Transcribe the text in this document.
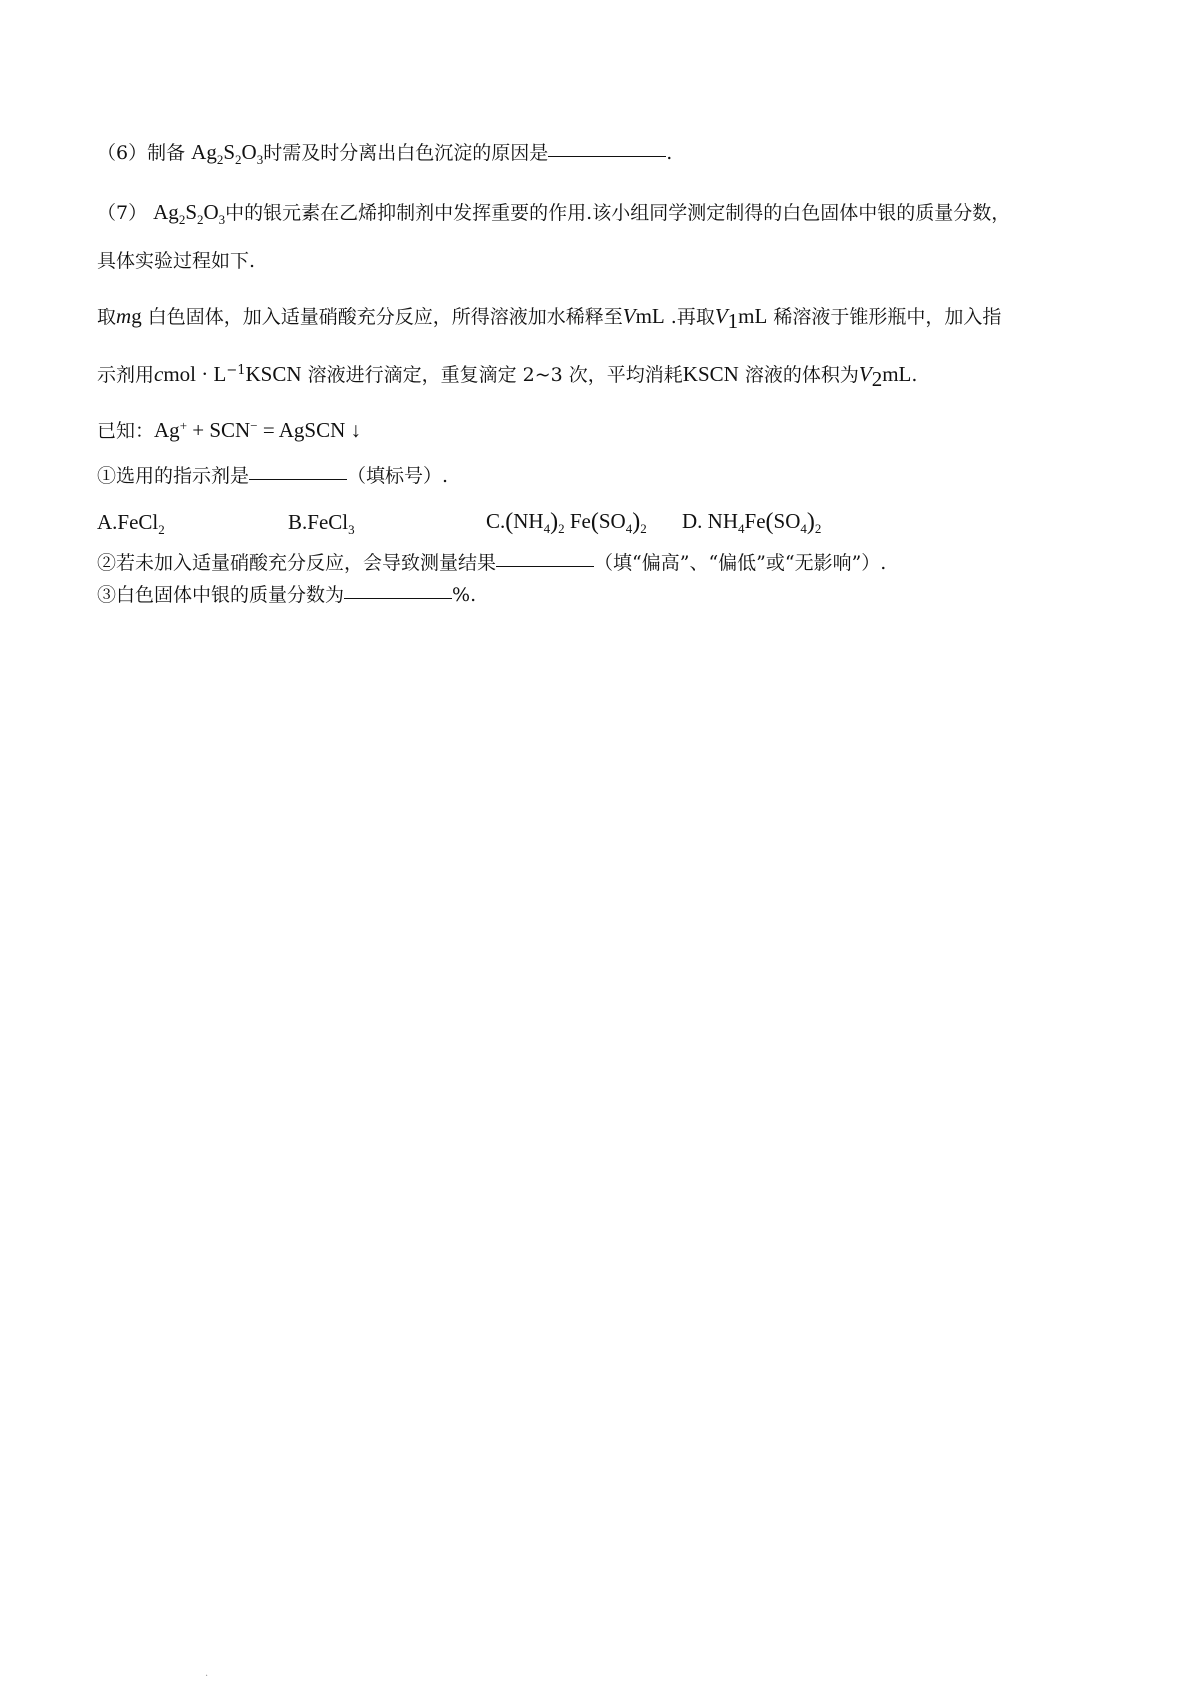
（6）制备 $Ag_2S_2O_3$时需及时分离出白色沉淀的原因是	.
（7） $Ag_2S_2O_3$中的银元素在乙烯抑制剂中发挥重要的作用.该小组同学测定制得的白色固体中银的质量分数，
具体实验过程如下.
取mg 白色固体，加入适量硝酸充分反应，所得溶液加水稀释至VmL .再取$V_1mL$ 稀溶液于锥形瓶中，加入指
示剂用cmol · $L^{-1}KSCN$ 溶液进行滴定，重复滴定 2~3 次，平均消耗KSCN 溶液的体积为$V_2mL$.
已知：Ag+ + SCN− = AgSCN ↓
①选用的指示剂是	（填标号）.
A.FeCl$_2$	B.FeCl$_3$	$C.(NH_4)_2$ $Fe(SO_4)_2$ D. $NH_4Fe(SO_4)_2$
②若未加入适量硝酸充分反应，会导致测量结果	（填“偏高”、“偏低”或“无影响”）.
③白色固体中银的质量分数为	%.
.
